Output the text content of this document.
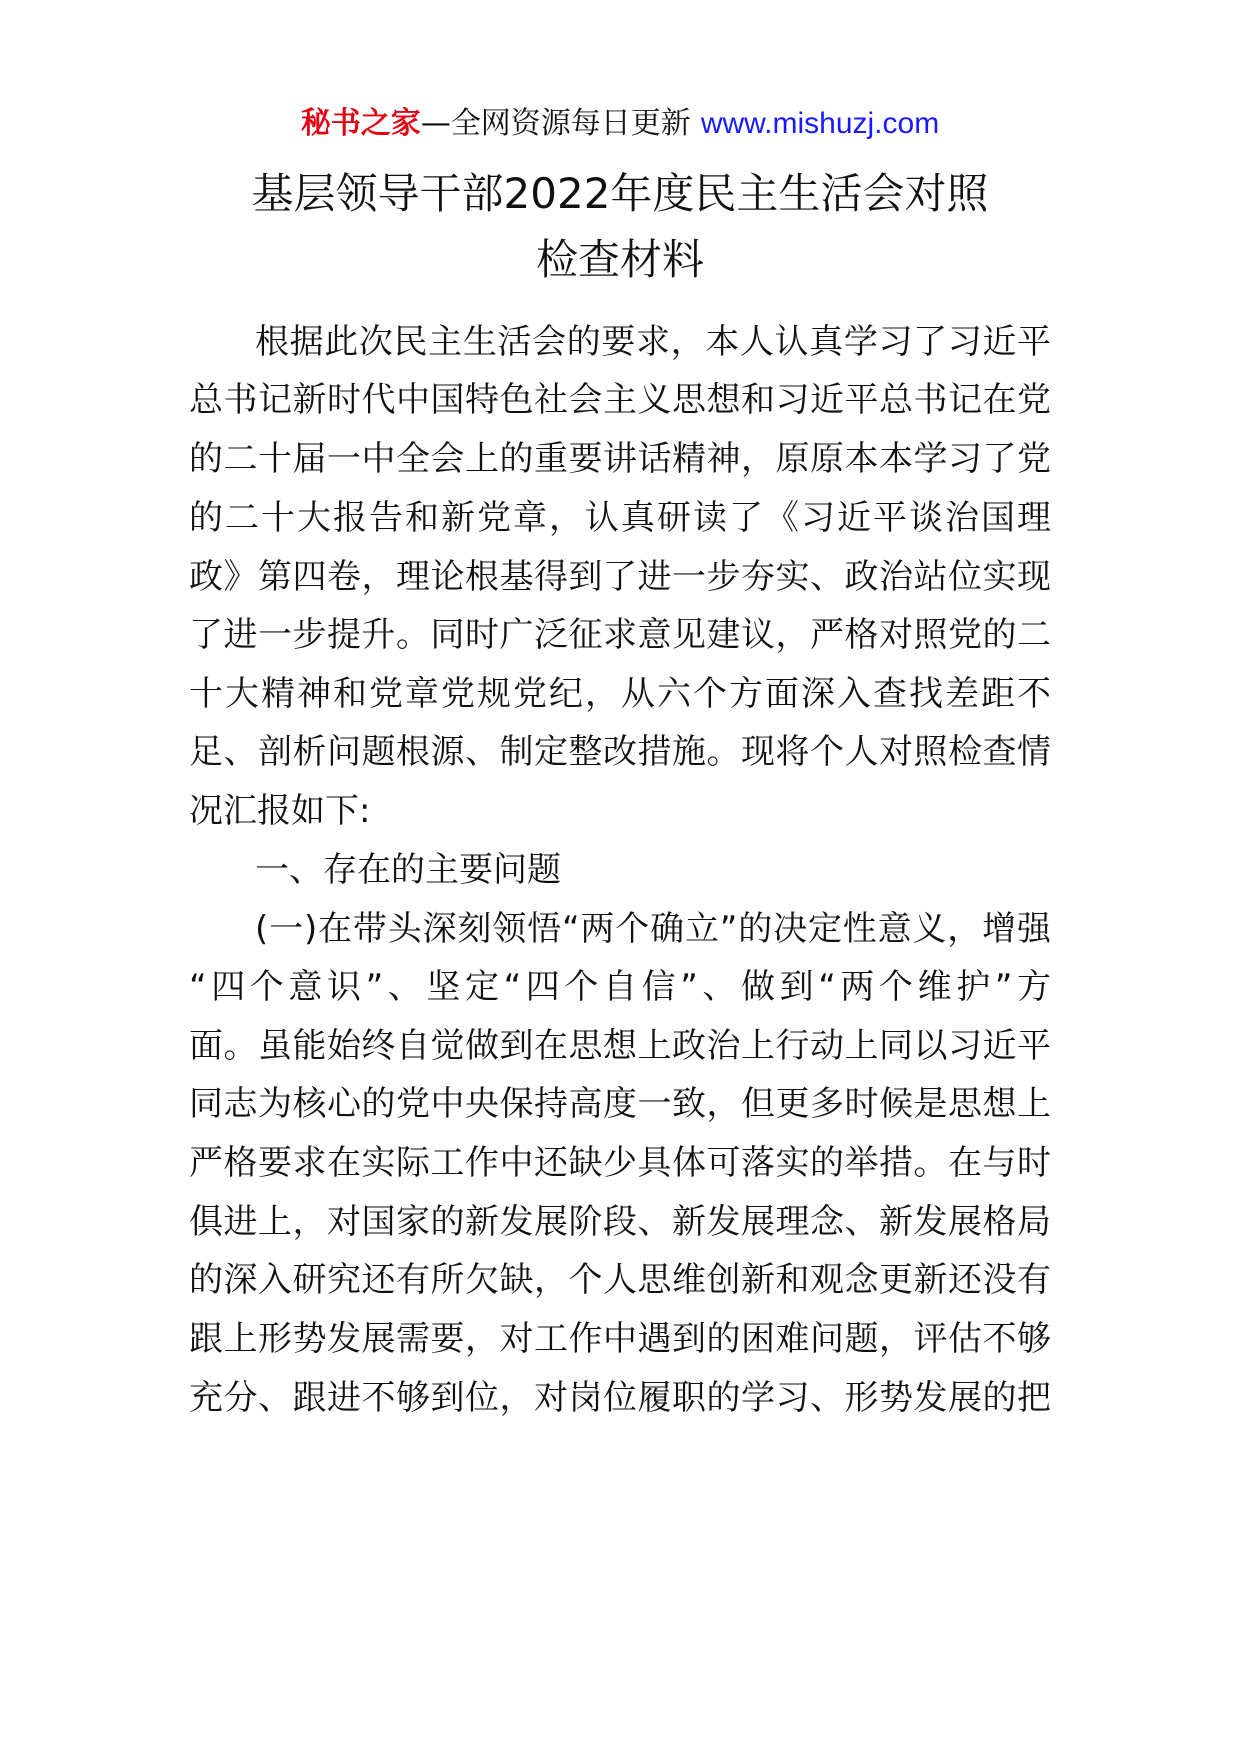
秘书之家—全网资源每日更新 www.mishuzj.com
基层领导干部2022年度民主生活会对照
检查材料
根据此次民主生活会的要求，本人认真学习了习近平
总书记新时代中国特色社会主义思想和习近平总书记在党
的二十届一中全会上的重要讲话精神，原原本本学习了党
的二十大报告和新党章，认真研读了《习近平谈治国理
政》第四卷，理论根基得到了进一步夯实、政治站位实现
了进一步提升。同时广泛征求意见建议，严格对照党的二
十大精神和党章党规党纪，从六个方面深入查找差距不
足、剖析问题根源、制定整改措施。现将个人对照检查情
况汇报如下:
一、存在的主要问题
(一)在带头深刻领悟“两个确立”的决定性意义，增强
“四个意识”、坚定“四个自信”、做到“两个维护”方
面。虽能始终自觉做到在思想上政治上行动上同以习近平
同志为核心的党中央保持高度一致，但更多时候是思想上
严格要求在实际工作中还缺少具体可落实的举措。在与时
俱进上，对国家的新发展阶段、新发展理念、新发展格局
的深入研究还有所欠缺，个人思维创新和观念更新还没有
跟上形势发展需要，对工作中遇到的困难问题，评估不够
充分、跟进不够到位，对岗位履职的学习、形势发展的把
